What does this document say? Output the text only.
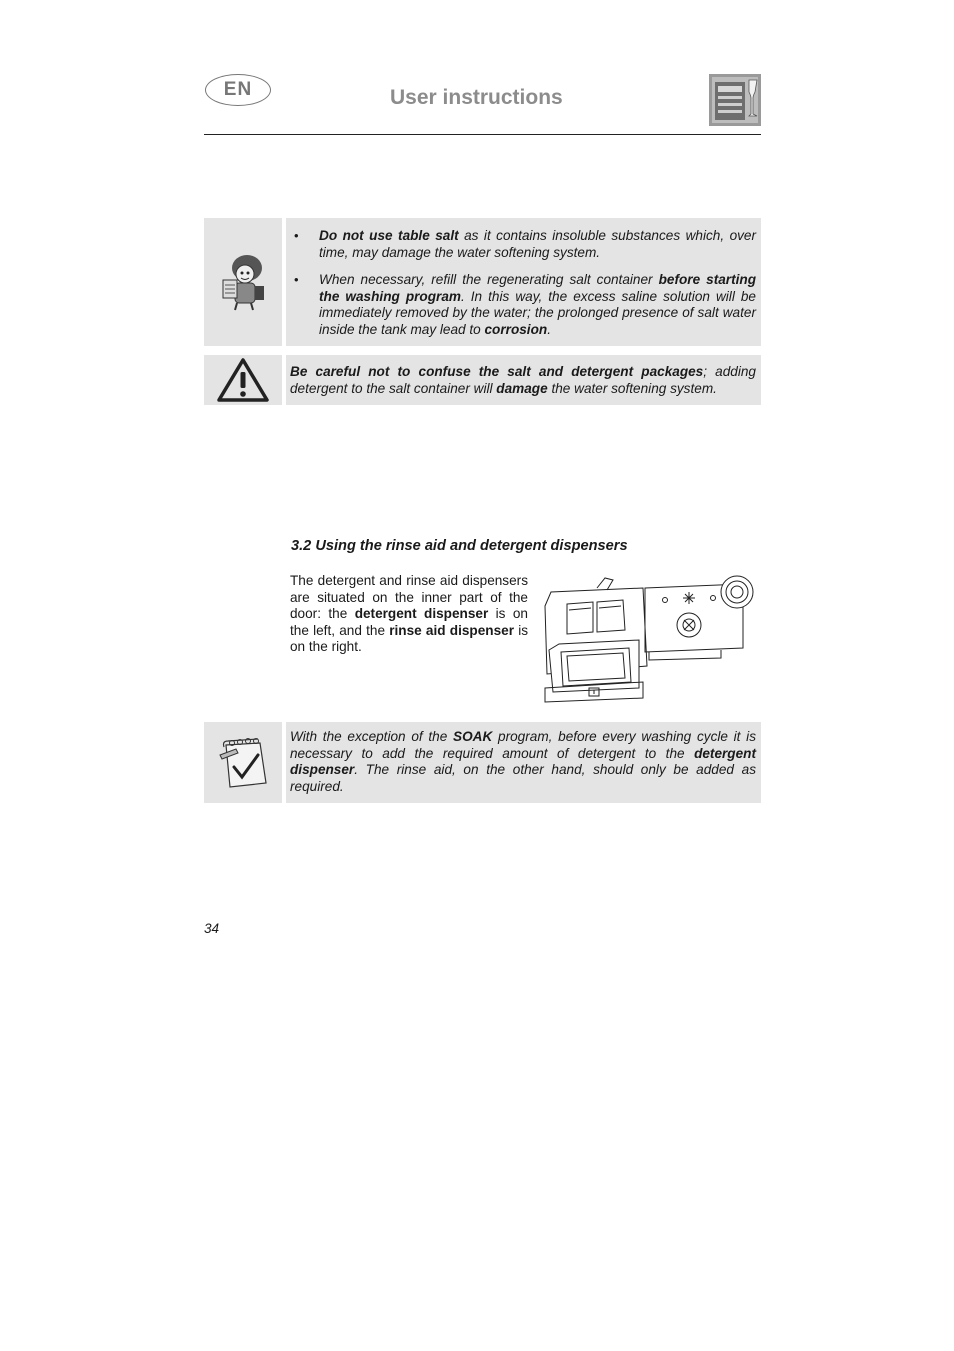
EN	User instructions
• Do not use table salt as it contains insoluble substances which, over time, may damage the water softening system.
• When necessary, refill the regenerating salt container before starting the washing program. In this way, the excess saline solution will be immediately removed by the water; the prolonged presence of salt water inside the tank may lead to corrosion.
Be careful not to confuse the salt and detergent packages; adding detergent to the salt container will damage the water softening system.
3.2 Using the rinse aid and detergent dispensers
The detergent and rinse aid dispensers are situated on the inner part of the door: the detergent dispenser is on the left, and the rinse aid dispenser is on the right.
With the exception of the SOAK program, before every washing cycle it is necessary to add the required amount of detergent to the detergent dispenser. The rinse aid, on the other hand, should only be added as required.
34
